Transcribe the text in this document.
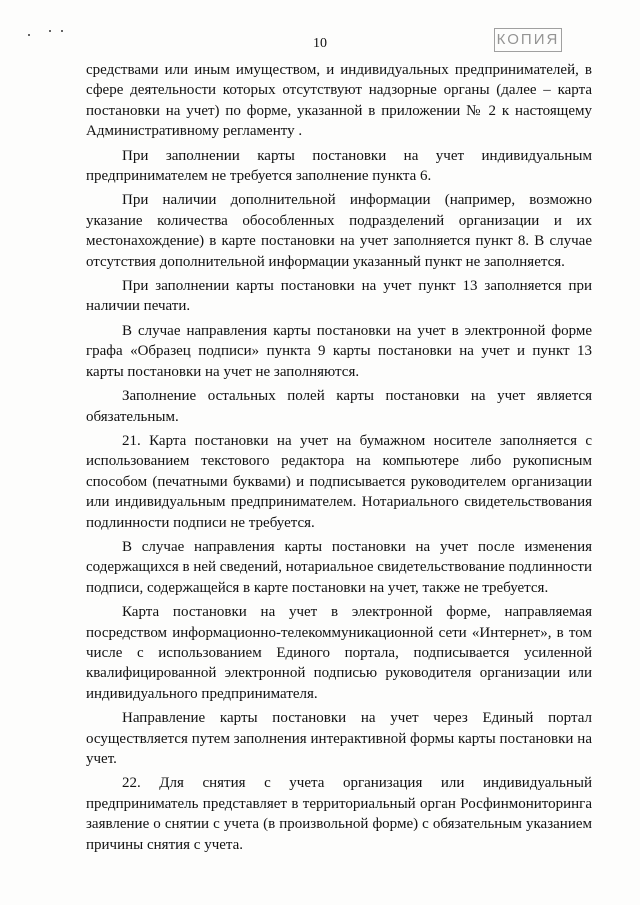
10	КОПИЯ

средствами или иным имуществом, и индивидуальных предпринимателей, в сфере деятельности которых отсутствуют надзорные органы (далее – карта постановки на учет) по форме, указанной в приложении № 2 к настоящему Административному регламенту .

При заполнении карты постановки на учет индивидуальным предпринимателем не требуется заполнение пункта 6.

При наличии дополнительной информации (например, возможно указание количества обособленных подразделений организации и их местонахождение) в карте постановки на учет заполняется пункт 8. В случае отсутствия дополнительной информации указанный пункт не заполняется.

При заполнении карты постановки на учет пункт 13 заполняется при наличии печати.

В случае направления карты постановки на учет в электронной форме графа «Образец подписи» пункта 9 карты постановки на учет и пункт 13 карты постановки на учет не заполняются.

Заполнение остальных полей карты постановки на учет является обязательным.

21. Карта постановки на учет на бумажном носителе заполняется с использованием текстового редактора на компьютере либо рукописным способом (печатными буквами) и подписывается руководителем организации или индивидуальным предпринимателем. Нотариального свидетельствования подлинности подписи не требуется.

В случае направления карты постановки на учет после изменения содержащихся в ней сведений, нотариальное свидетельствование подлинности подписи, содержащейся в карте постановки на учет, также не требуется.

Карта постановки на учет в электронной форме, направляемая посредством информационно-телекоммуникационной сети «Интернет», в том числе с использованием Единого портала, подписывается усиленной квалифицированной электронной подписью руководителя организации или индивидуального предпринимателя.

Направление карты постановки на учет через Единый портал осуществляется путем заполнения интерактивной формы карты постановки на учет.

22. Для снятия с учета организация или индивидуальный предприниматель представляет в территориальный орган Росфинмониторинга заявление о снятии с учета (в произвольной форме) с обязательным указанием причины снятия с учета.
